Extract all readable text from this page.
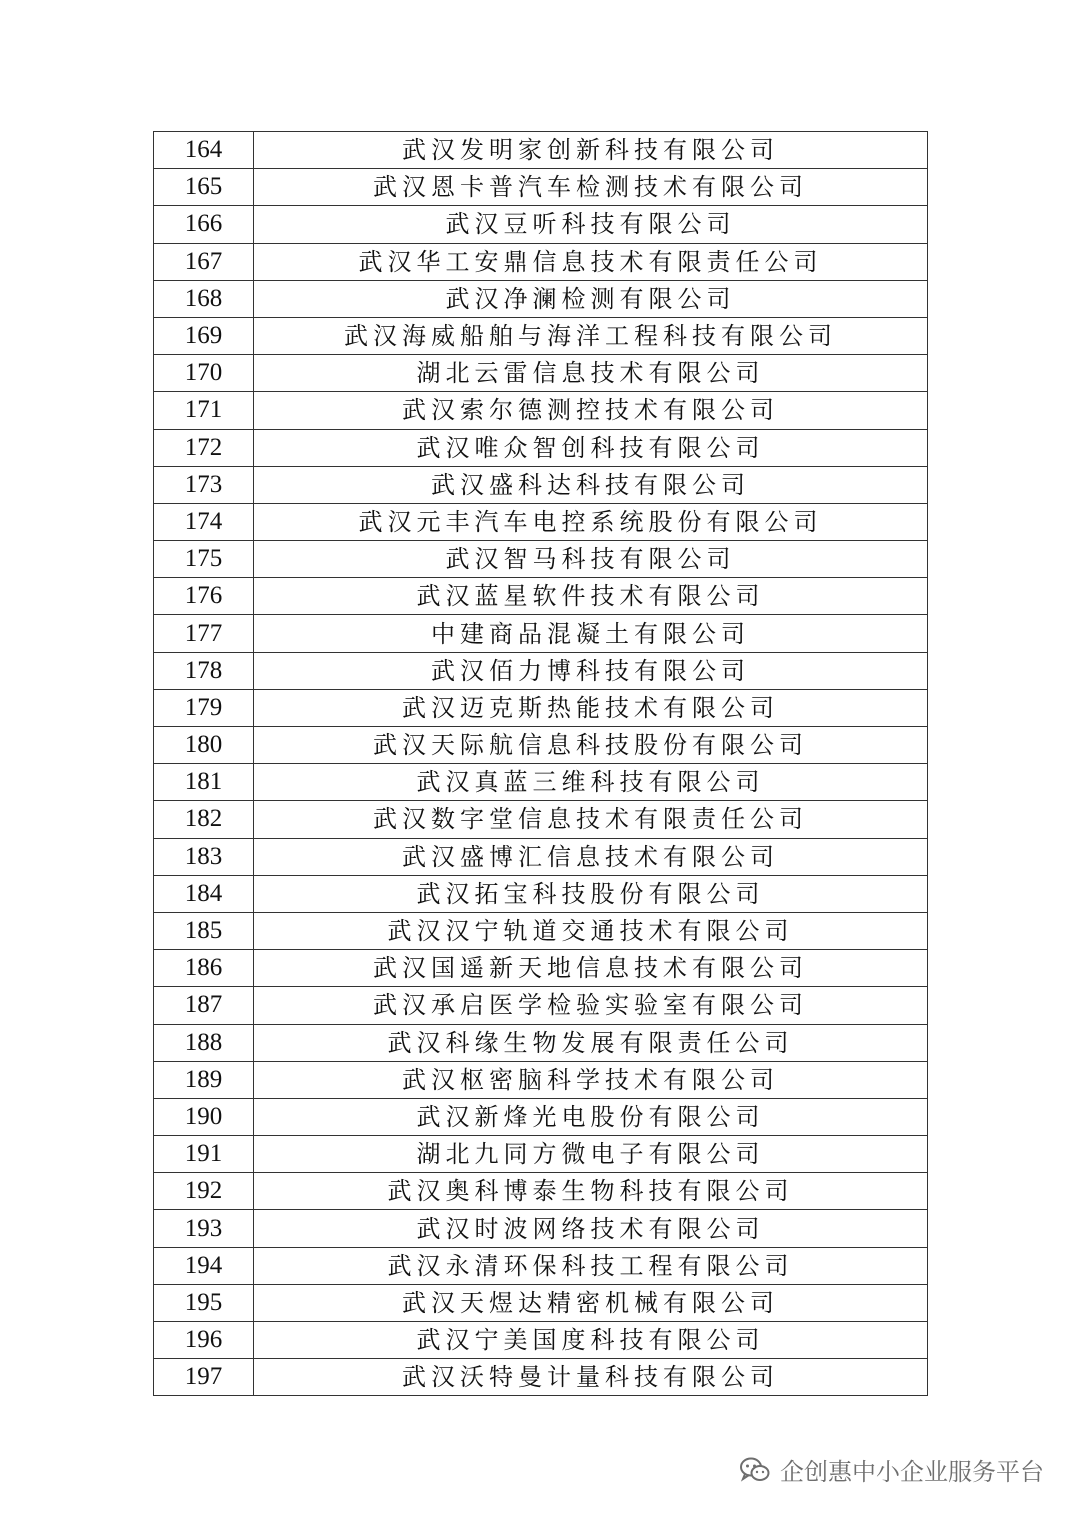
164	武汉发明家创新科技有限公司
165	武汉恩卡普汽车检测技术有限公司
166	武汉豆听科技有限公司
167	武汉华工安鼎信息技术有限责任公司
168	武汉净澜检测有限公司
169	武汉海威船舶与海洋工程科技有限公司
170	湖北云雷信息技术有限公司
171	武汉索尔德测控技术有限公司
172	武汉唯众智创科技有限公司
173	武汉盛科达科技有限公司
174	武汉元丰汽车电控系统股份有限公司
175	武汉智马科技有限公司
176	武汉蓝星软件技术有限公司
177	中建商品混凝土有限公司
178	武汉佰力博科技有限公司
179	武汉迈克斯热能技术有限公司
180	武汉天际航信息科技股份有限公司
181	武汉真蓝三维科技有限公司
182	武汉数字堂信息技术有限责任公司
183	武汉盛博汇信息技术有限公司
184	武汉拓宝科技股份有限公司
185	武汉汉宁轨道交通技术有限公司
186	武汉国遥新天地信息技术有限公司
187	武汉承启医学检验实验室有限公司
188	武汉科缘生物发展有限责任公司
189	武汉枢密脑科学技术有限公司
190	武汉新烽光电股份有限公司
191	湖北九同方微电子有限公司
192	武汉奥科博泰生物科技有限公司
193	武汉时波网络技术有限公司
194	武汉永清环保科技工程有限公司
195	武汉天煜达精密机械有限公司
196	武汉宁美国度科技有限公司
197	武汉沃特曼计量科技有限公司
企创惠中小企业服务平台
